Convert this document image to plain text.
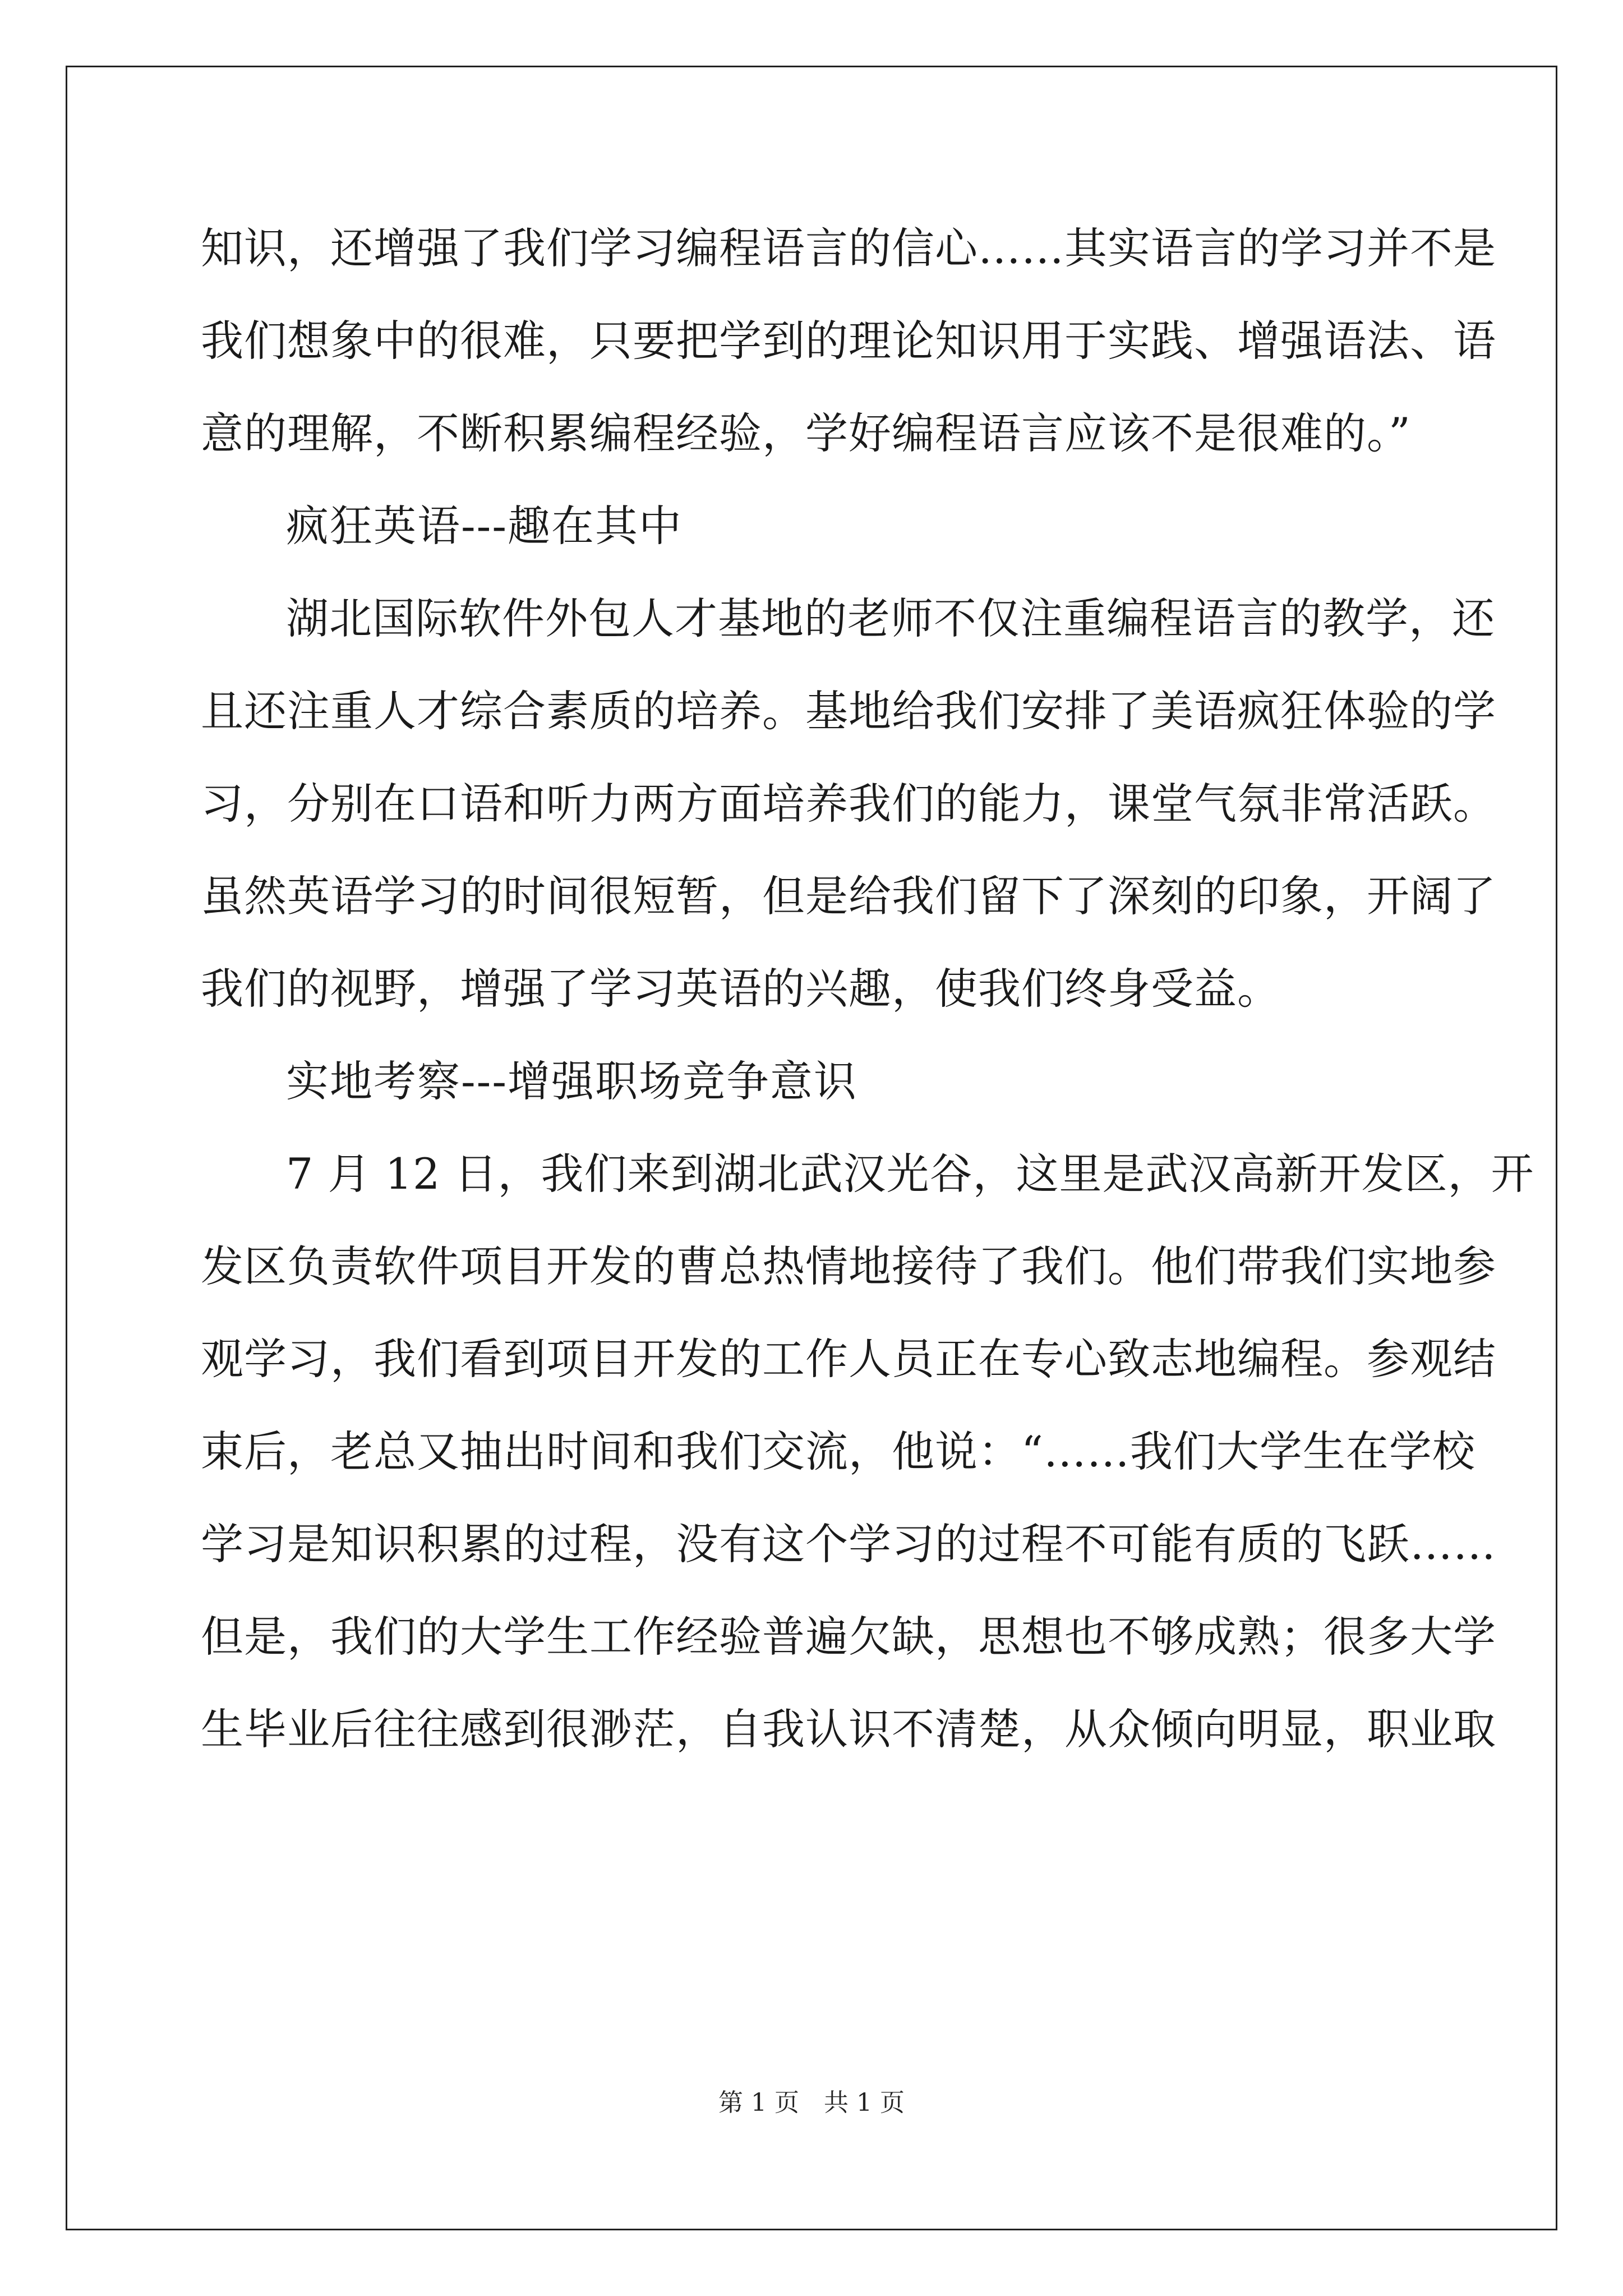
知识，还增强了我们学习编程语言的信心……其实语言的学习并不是
我们想象中的很难，只要把学到的理论知识用于实践、增强语法、语
意的理解，不断积累编程经验，学好编程语言应该不是很难的。”
疯狂英语---趣在其中
湖北国际软件外包人才基地的老师不仅注重编程语言的教学，还
且还注重人才综合素质的培养。基地给我们安排了美语疯狂体验的学
习，分别在口语和听力两方面培养我们的能力，课堂气氛非常活跃。
虽然英语学习的时间很短暂，但是给我们留下了深刻的印象，开阔了
我们的视野，增强了学习英语的兴趣，使我们终身受益。
实地考察---增强职场竞争意识
7 月 12 日，我们来到湖北武汉光谷，这里是武汉高新开发区，开
发区负责软件项目开发的曹总热情地接待了我们。他们带我们实地参
观学习，我们看到项目开发的工作人员正在专心致志地编程。参观结
束后，老总又抽出时间和我们交流，他说：“……我们大学生在学校
学习是知识积累的过程，没有这个学习的过程不可能有质的飞跃……
但是，我们的大学生工作经验普遍欠缺，思想也不够成熟；很多大学
生毕业后往往感到很渺茫，自我认识不清楚，从众倾向明显，职业取
第 1 页　共 1 页
